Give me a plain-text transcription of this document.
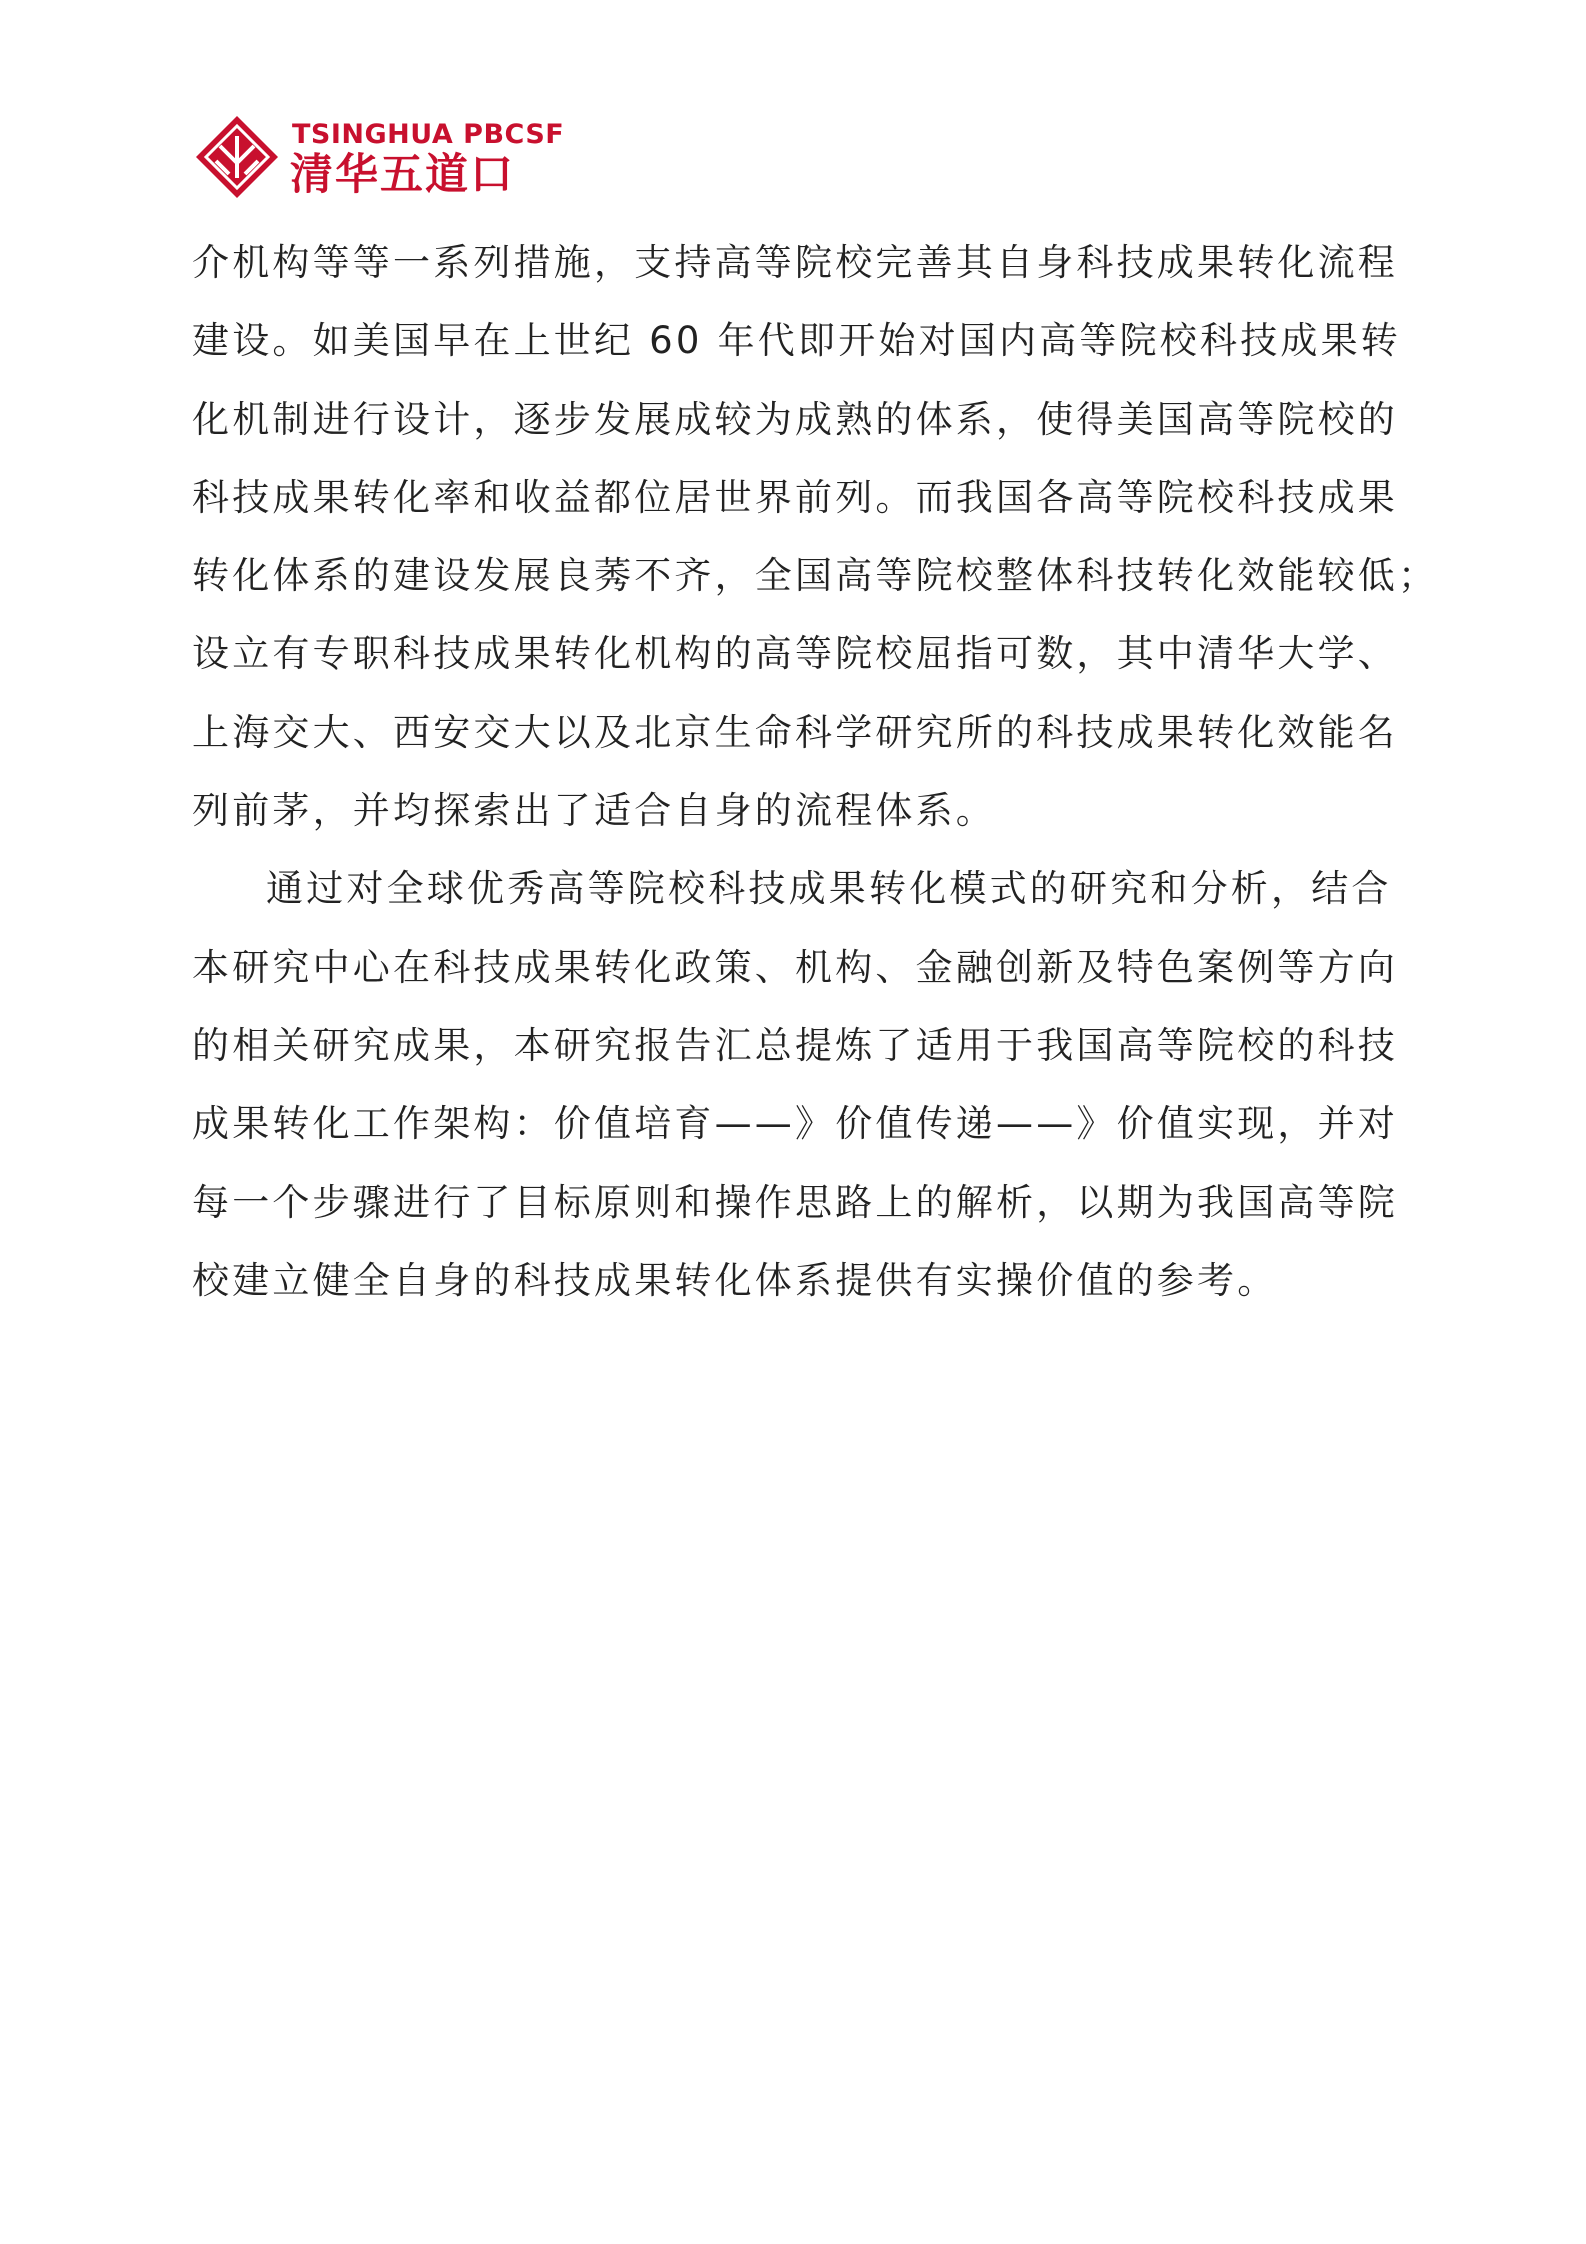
TSINGHUA PBCSF
清华五道口
介机构等等一系列措施，支持高等院校完善其自身科技成果转化流程
建设。如美国早在上世纪 60 年代即开始对国内高等院校科技成果转
化机制进行设计，逐步发展成较为成熟的体系，使得美国高等院校的
科技成果转化率和收益都位居世界前列。而我国各高等院校科技成果
转化体系的建设发展良莠不齐，全国高等院校整体科技转化效能较低；
设立有专职科技成果转化机构的高等院校屈指可数，其中清华大学、
上海交大、西安交大以及北京生命科学研究所的科技成果转化效能名
列前茅，并均探索出了适合自身的流程体系。
通过对全球优秀高等院校科技成果转化模式的研究和分析，结合
本研究中心在科技成果转化政策、机构、金融创新及特色案例等方向
的相关研究成果，本研究报告汇总提炼了适用于我国高等院校的科技
成果转化工作架构：价值培育——》价值传递——》价值实现，并对
每一个步骤进行了目标原则和操作思路上的解析，以期为我国高等院
校建立健全自身的科技成果转化体系提供有实操价值的参考。
